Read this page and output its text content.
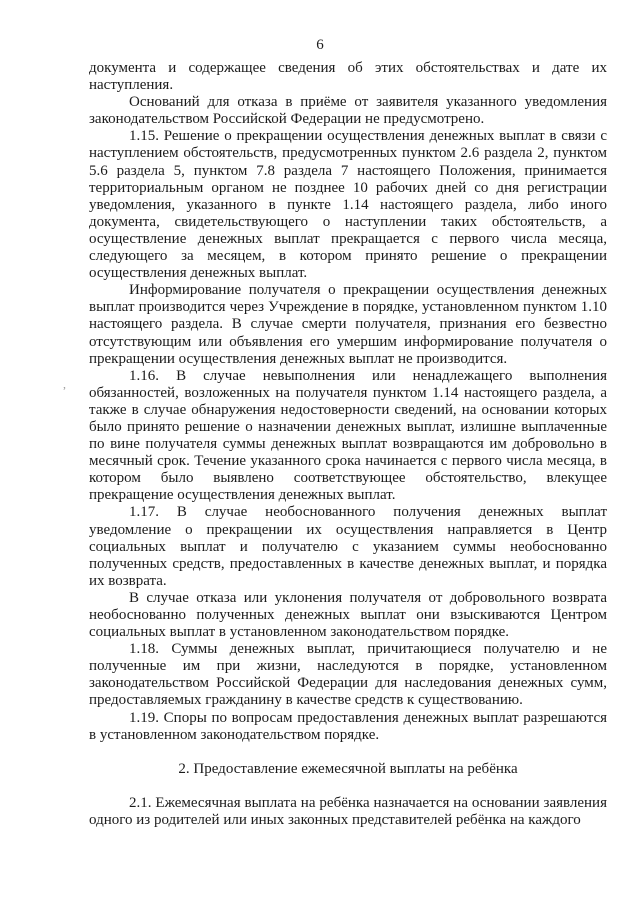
6

документа и содержащее сведения об этих обстоятельствах и дате их наступления.

Оснований для отказа в приёме от заявителя указанного уведомления законодательством Российской Федерации не предусмотрено.

1.15. Решение о прекращении осуществления денежных выплат в связи с наступлением обстоятельств, предусмотренных пунктом 2.6 раздела 2, пунктом 5.6 раздела 5, пунктом 7.8 раздела 7 настоящего Положения, принимается территориальным органом не позднее 10 рабочих дней со дня регистрации уведомления, указанного в пункте 1.14 настоящего раздела, либо иного документа, свидетельствующего о наступлении таких обстоятельств, а осуществление денежных выплат прекращается с первого числа месяца, следующего за месяцем, в котором принято решение о прекращении осуществления денежных выплат.

Информирование получателя о прекращении осуществления денежных выплат производится через Учреждение в порядке, установленном пунктом 1.10 настоящего раздела. В случае смерти получателя, признания его безвестно отсутствующим или объявления его умершим информирование получателя о прекращении осуществления денежных выплат не производится.

1.16. В случае невыполнения или ненадлежащего выполнения обязанностей, возложенных на получателя пунктом 1.14 настоящего раздела, а также в случае обнаружения недостоверности сведений, на основании которых было принято решение о назначении денежных выплат, излишне выплаченные по вине получателя суммы денежных выплат возвращаются им добровольно в месячный срок. Течение указанного срока начинается с первого числа месяца, в котором было выявлено соответствующее обстоятельство, влекущее прекращение осуществления денежных выплат.

1.17. В случае необоснованного получения денежных выплат уведомление о прекращении их осуществления направляется в Центр социальных выплат и получателю с указанием суммы необоснованно полученных средств, предоставленных в качестве денежных выплат, и порядка их возврата.

В случае отказа или уклонения получателя от добровольного возврата необоснованно полученных денежных выплат они взыскиваются Центром социальных выплат в установленном законодательством порядке.

1.18. Суммы денежных выплат, причитающиеся получателю и не полученные им при жизни, наследуются в порядке, установленном законодательством Российской Федерации для наследования денежных сумм, предоставляемых гражданину в качестве средств к существованию.

1.19. Споры по вопросам предоставления денежных выплат разрешаются в установленном законодательством порядке.

2. Предоставление ежемесячной выплаты на ребёнка

2.1. Ежемесячная выплата на ребёнка назначается на основании заявления одного из родителей или иных законных представителей ребёнка на каждого

,
